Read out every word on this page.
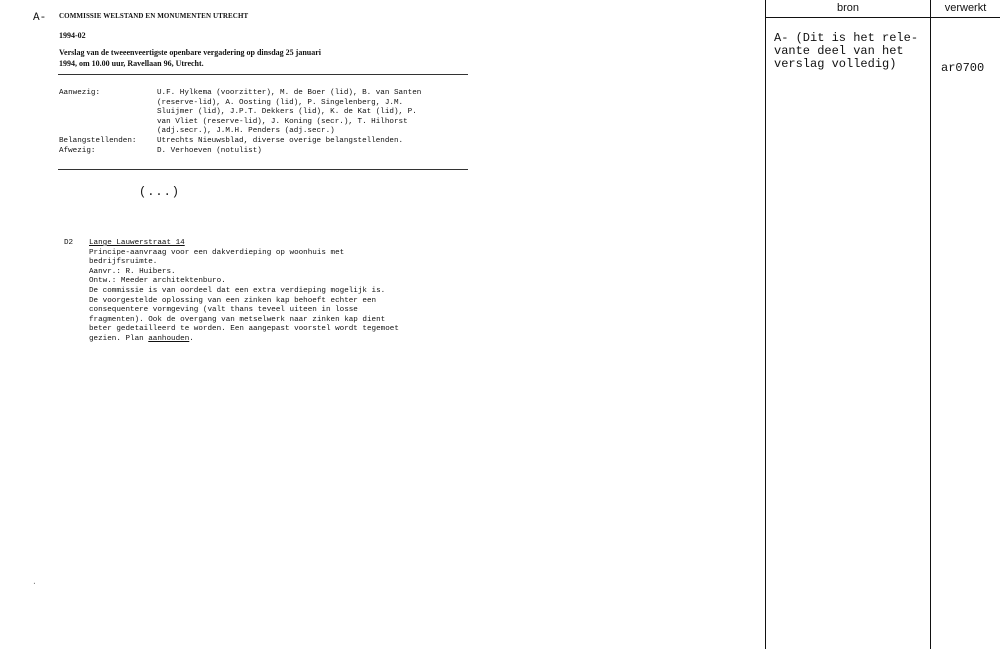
A- COMMISSIE WELSTAND EN MONUMENTEN UTRECHT
1994-02
Verslag van de tweeenveertigste openbare vergadering op dinsdag 25 januari
1994, om 10.00 uur, Ravellaan 96, Utrecht.
Aanwezig:	U.F. Hylkema (voorzitter), M. de Boer (lid), B. van Santen
(reserve-lid), A. Oosting (lid), P. Singelenberg, J.M.
Sluijmer (lid), J.P.T. Dekkers (lid), K. de Kat (lid), P.
van Vliet (reserve-lid), J. Koning (secr.), T. Hilhorst
(adj.secr.), J.M.H. Penders (adj.secr.)
Belangstellenden:	Utrechts Nieuwsblad, diverse overige belangstellenden.
Afwezig:	D. Verhoeven (notulist)
(...)
D2 Lange Lauwerstraat 14
Principe-aanvraag voor een dakverdieping op woonhuis met
bedrijfsruimte.
Aanvr.: R. Huibers.
Ontw.: Meeder architektenburo.
De commissie is van oordeel dat een extra verdieping mogelijk is.
De voorgestelde oplossing van een zinken kap behoeft echter een
consequentere vormgeving (valt thans teveel uiteen in losse
fragmenten). Ook de overgang van metselwerk naar zinken kap dient
beter gedetailleerd te worden. Een aangepast voorstel wordt tegemoet
gezien. Plan aanhouden.
.
bron	verwerkt
A- (Dit is het rele-
vante deel van het
verslag volledig)	ar0700
